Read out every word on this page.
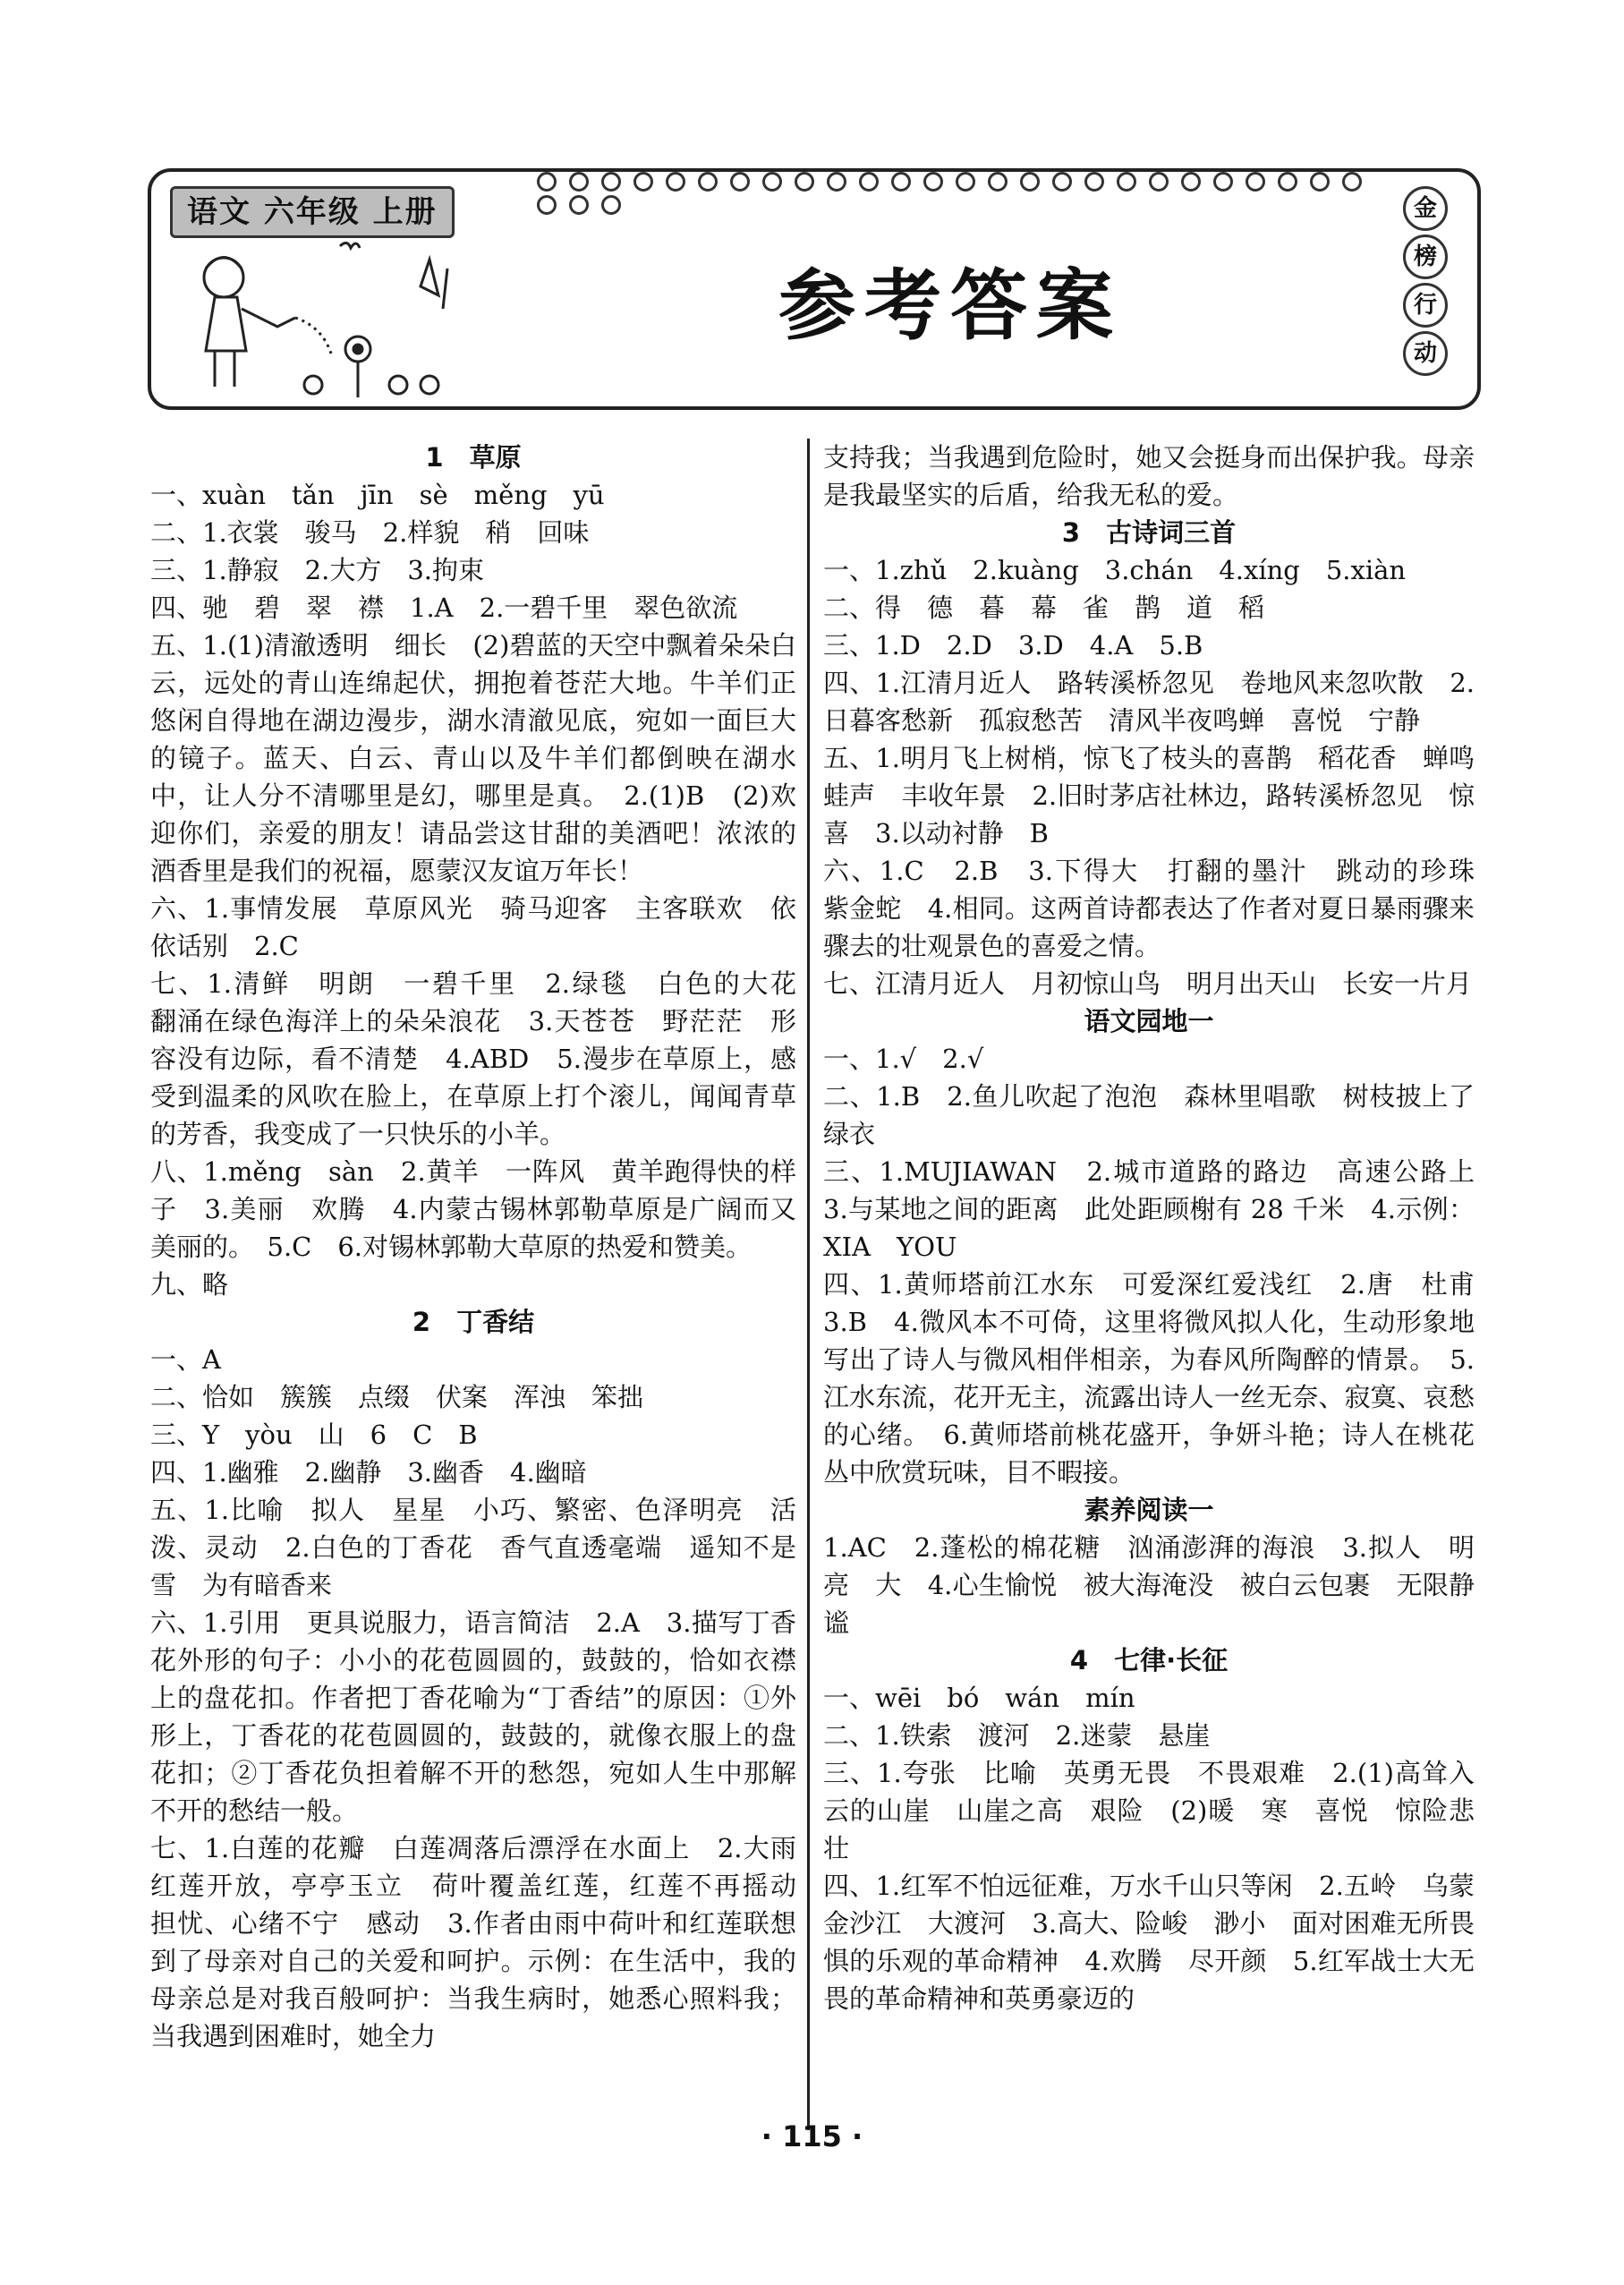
语文 六年级 上册
参考答案
金
榜
行
动
1　草原
一、xuàn　tǎn　jīn　sè　měng　yū
二、1.衣裳　骏马　2.样貌　稍　回味
三、1.静寂　2.大方　3.拘束
四、驰　碧　翠　襟　1.A　2.一碧千里　翠色欲流
五、1.(1)清澈透明　细长　(2)碧蓝的天空中飘着朵朵白云，远处的青山连绵起伏，拥抱着苍茫大地。牛羊们正悠闲自得地在湖边漫步，湖水清澈见底，宛如一面巨大的镜子。蓝天、白云、青山以及牛羊们都倒映在湖水中，让人分不清哪里是幻，哪里是真。　2.(1)B　(2)欢迎你们，亲爱的朋友！请品尝这甘甜的美酒吧！浓浓的酒香里是我们的祝福，愿蒙汉友谊万年长！
六、1.事情发展　草原风光　骑马迎客　主客联欢　依依话别　2.C
七、1.清鲜　明朗　一碧千里　2.绿毯　白色的大花　翻涌在绿色海洋上的朵朵浪花　3.天苍苍　野茫茫　形容没有边际，看不清楚　4.ABD　5.漫步在草原上，感受到温柔的风吹在脸上，在草原上打个滚儿，闻闻青草的芳香，我变成了一只快乐的小羊。
八、1.měng　sàn　2.黄羊　一阵风　黄羊跑得快的样子　3.美丽　欢腾　4.内蒙古锡林郭勒草原是广阔而又美丽的。　5.C　6.对锡林郭勒大草原的热爱和赞美。
九、略
2　丁香结
一、A
二、恰如　簇簇　点缀　伏案　浑浊　笨拙
三、Y　yòu　山　6　C　B
四、1.幽雅　2.幽静　3.幽香　4.幽暗
五、1.比喻　拟人　星星　小巧、繁密、色泽明亮　活泼、灵动　2.白色的丁香花　香气直透毫端　遥知不是雪　为有暗香来
六、1.引用　更具说服力，语言简洁　2.A　3.描写丁香花外形的句子：小小的花苞圆圆的，鼓鼓的，恰如衣襟上的盘花扣。作者把丁香花喻为“丁香结”的原因：①外形上，丁香花的花苞圆圆的，鼓鼓的，就像衣服上的盘花扣；②丁香花负担着解不开的愁怨，宛如人生中那解不开的愁结一般。
七、1.白莲的花瓣　白莲凋落后漂浮在水面上　2.大雨　红莲开放，亭亭玉立　荷叶覆盖红莲，红莲不再摇动　担忧、心绪不宁　感动　3.作者由雨中荷叶和红莲联想到了母亲对自己的关爱和呵护。示例：在生活中，我的母亲总是对我百般呵护：当我生病时，她悉心照料我；当我遇到困难时，她全力
支持我；当我遇到危险时，她又会挺身而出保护我。母亲是我最坚实的后盾，给我无私的爱。
3　古诗词三首
一、1.zhǔ　2.kuàng　3.chán　4.xíng　5.xiàn
二、得　德　暮　幕　雀　鹊　道　稻
三、1.D　2.D　3.D　4.A　5.B
四、1.江清月近人　路转溪桥忽见　卷地风来忽吹散　2.日暮客愁新　孤寂愁苦　清风半夜鸣蝉　喜悦　宁静
五、1.明月飞上树梢，惊飞了枝头的喜鹊　稻花香　蝉鸣　蛙声　丰收年景　2.旧时茅店社林边，路转溪桥忽见　惊喜　3.以动衬静　B
六、1.C　2.B　3.下得大　打翻的墨汁　跳动的珍珠　紫金蛇　4.相同。这两首诗都表达了作者对夏日暴雨骤来骤去的壮观景色的喜爱之情。
七、江清月近人　月初惊山鸟　明月出天山　长安一片月
语文园地一
一、1.√　2.√
二、1.B　2.鱼儿吹起了泡泡　森林里唱歌　树枝披上了绿衣
三、1.MUJIAWAN　2.城市道路的路边　高速公路上　3.与某地之间的距离　此处距顾榭有 28 千米　4.示例：XIA　YOU
四、1.黄师塔前江水东　可爱深红爱浅红　2.唐　杜甫　3.B　4.微风本不可倚，这里将微风拟人化，生动形象地写出了诗人与微风相伴相亲，为春风所陶醉的情景。　5.江水东流，花开无主，流露出诗人一丝无奈、寂寞、哀愁的心绪。　6.黄师塔前桃花盛开，争妍斗艳；诗人在桃花丛中欣赏玩味，目不暇接。
素养阅读一
1.AC　2.蓬松的棉花糖　汹涌澎湃的海浪　3.拟人　明亮　大　4.心生愉悦　被大海淹没　被白云包裹　无限静谧
4　七律·长征
一、wēi　bó　wán　mín
二、1.铁索　渡河　2.迷蒙　悬崖
三、1.夸张　比喻　英勇无畏　不畏艰难　2.(1)高耸入云的山崖　山崖之高　艰险　(2)暖　寒　喜悦　惊险悲壮
四、1.红军不怕远征难，万水千山只等闲　2.五岭　乌蒙　金沙江　大渡河　3.高大、险峻　渺小　面对困难无所畏惧的乐观的革命精神　4.欢腾　尽开颜　5.红军战士大无畏的革命精神和英勇豪迈的
· 115 ·
